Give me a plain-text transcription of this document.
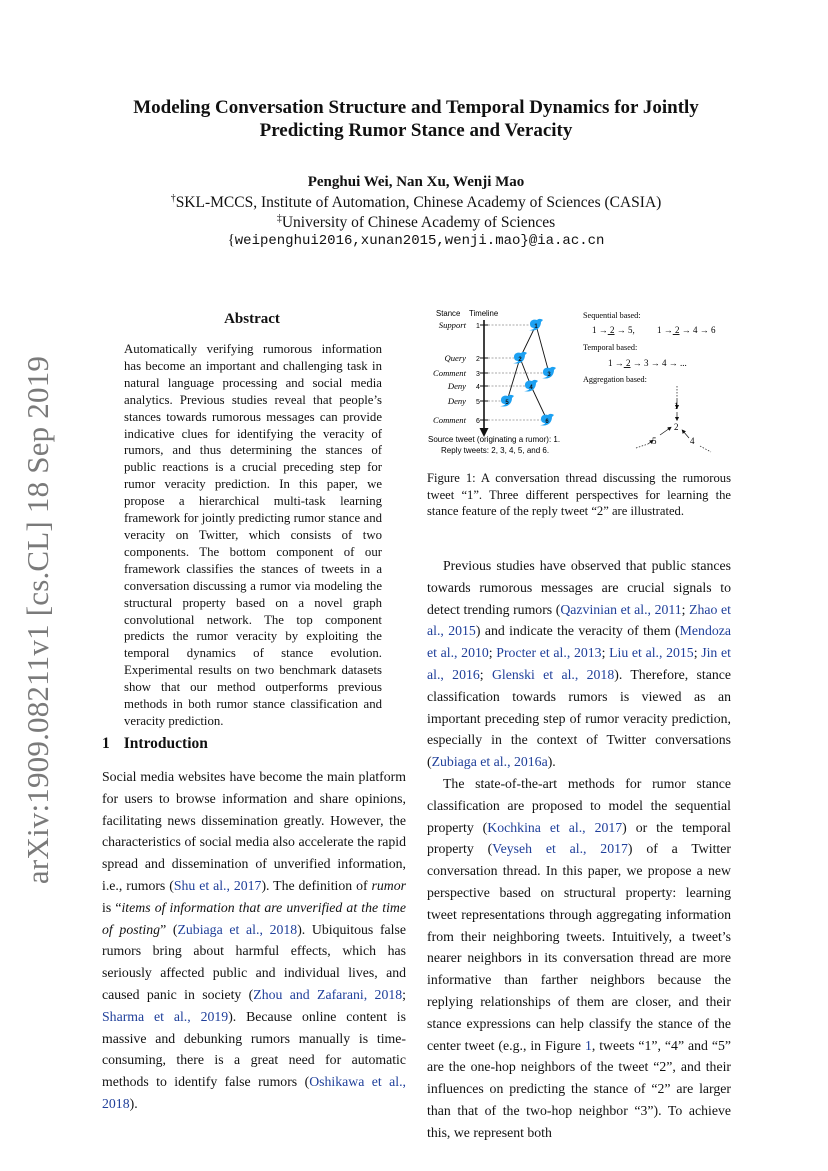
arXiv:1909.08211v1 [cs.CL] 18 Sep 2019
Modeling Conversation Structure and Temporal Dynamics for Jointly
Predicting Rumor Stance and Veracity
Penghui Wei, Nan Xu, Wenji Mao
†SKL-MCCS, Institute of Automation, Chinese Academy of Sciences (CASIA)
‡University of Chinese Academy of Sciences
{weipenghui2016,xunan2015,wenji.mao}@ia.ac.cn
Abstract

Automatically verifying rumorous information has become an important and challenging task in natural language processing and social media analytics. Previous studies reveal that people’s stances towards rumorous messages can provide indicative clues for identifying the veracity of rumors, and thus determining the stances of public reactions is a crucial preceding step for rumor veracity prediction. In this paper, we propose a hierarchical multi-task learning framework for jointly predicting rumor stance and veracity on Twitter, which consists of two components. The bottom component of our framework classifies the stances of tweets in a conversation discussing a rumor via modeling the structural property based on a novel graph convolutional network. The top component predicts the rumor veracity by exploiting the temporal dynamics of stance evolution. Experimental results on two benchmark datasets show that our method outperforms previous methods in both rumor stance classification and veracity prediction.

1 Introduction

Social media websites have become the main platform for users to browse information and share opinions, facilitating news dissemination greatly. However, the characteristics of social media also accelerate the rapid spread and dissemination of unverified information, i.e., rumors (Shu et al., 2017). The definition of rumor is “items of information that are unverified at the time of posting” (Zubiaga et al., 2018). Ubiquitous false rumors bring about harmful effects, which has seriously affected public and individual lives, and caused panic in society (Zhou and Zafarani, 2018; Sharma et al., 2019). Because online content is massive and debunking rumors manually is time-consuming, there is a great need for automatic methods to identify false rumors (Oshikawa et al., 2018).

Stance Timeline
Support 1
Query 2
Comment 3
Deny 4
Deny 5
Comment 6
1
2
3
4
5
6
Source tweet (originating a rumor): 1.
Reply tweets: 2, 3, 4, 5, and 6.
Sequential based:
1 → 2 → 5, 1 → 2 → 4 → 6
Temporal based:
1 → 2 → 3 → 4 → ...
Aggregation based:
1
2
5	4

Figure 1: A conversation thread discussing the rumorous tweet “1”. Three different perspectives for learning the stance feature of the reply tweet “2” are illustrated.

Previous studies have observed that public stances towards rumorous messages are crucial signals to detect trending rumors (Qazvinian et al., 2011; Zhao et al., 2015) and indicate the veracity of them (Mendoza et al., 2010; Procter et al., 2013; Liu et al., 2015; Jin et al., 2016; Glenski et al., 2018). Therefore, stance classification towards rumors is viewed as an important preceding step of rumor veracity prediction, especially in the context of Twitter conversations (Zubiaga et al., 2016a).

The state-of-the-art methods for rumor stance classification are proposed to model the sequential property (Kochkina et al., 2017) or the temporal property (Veyseh et al., 2017) of a Twitter conversation thread. In this paper, we propose a new perspective based on structural property: learning tweet representations through aggregating information from their neighboring tweets. Intuitively, a tweet’s nearer neighbors in its conversation thread are more informative than farther neighbors because the replying relationships of them are closer, and their stance expressions can help classify the stance of the center tweet (e.g., in Figure 1, tweets “1”, “4” and “5” are the one-hop neighbors of the tweet “2”, and their influences on predicting the stance of “2” are larger than that of the two-hop neighbor “3”). To achieve this, we represent both
